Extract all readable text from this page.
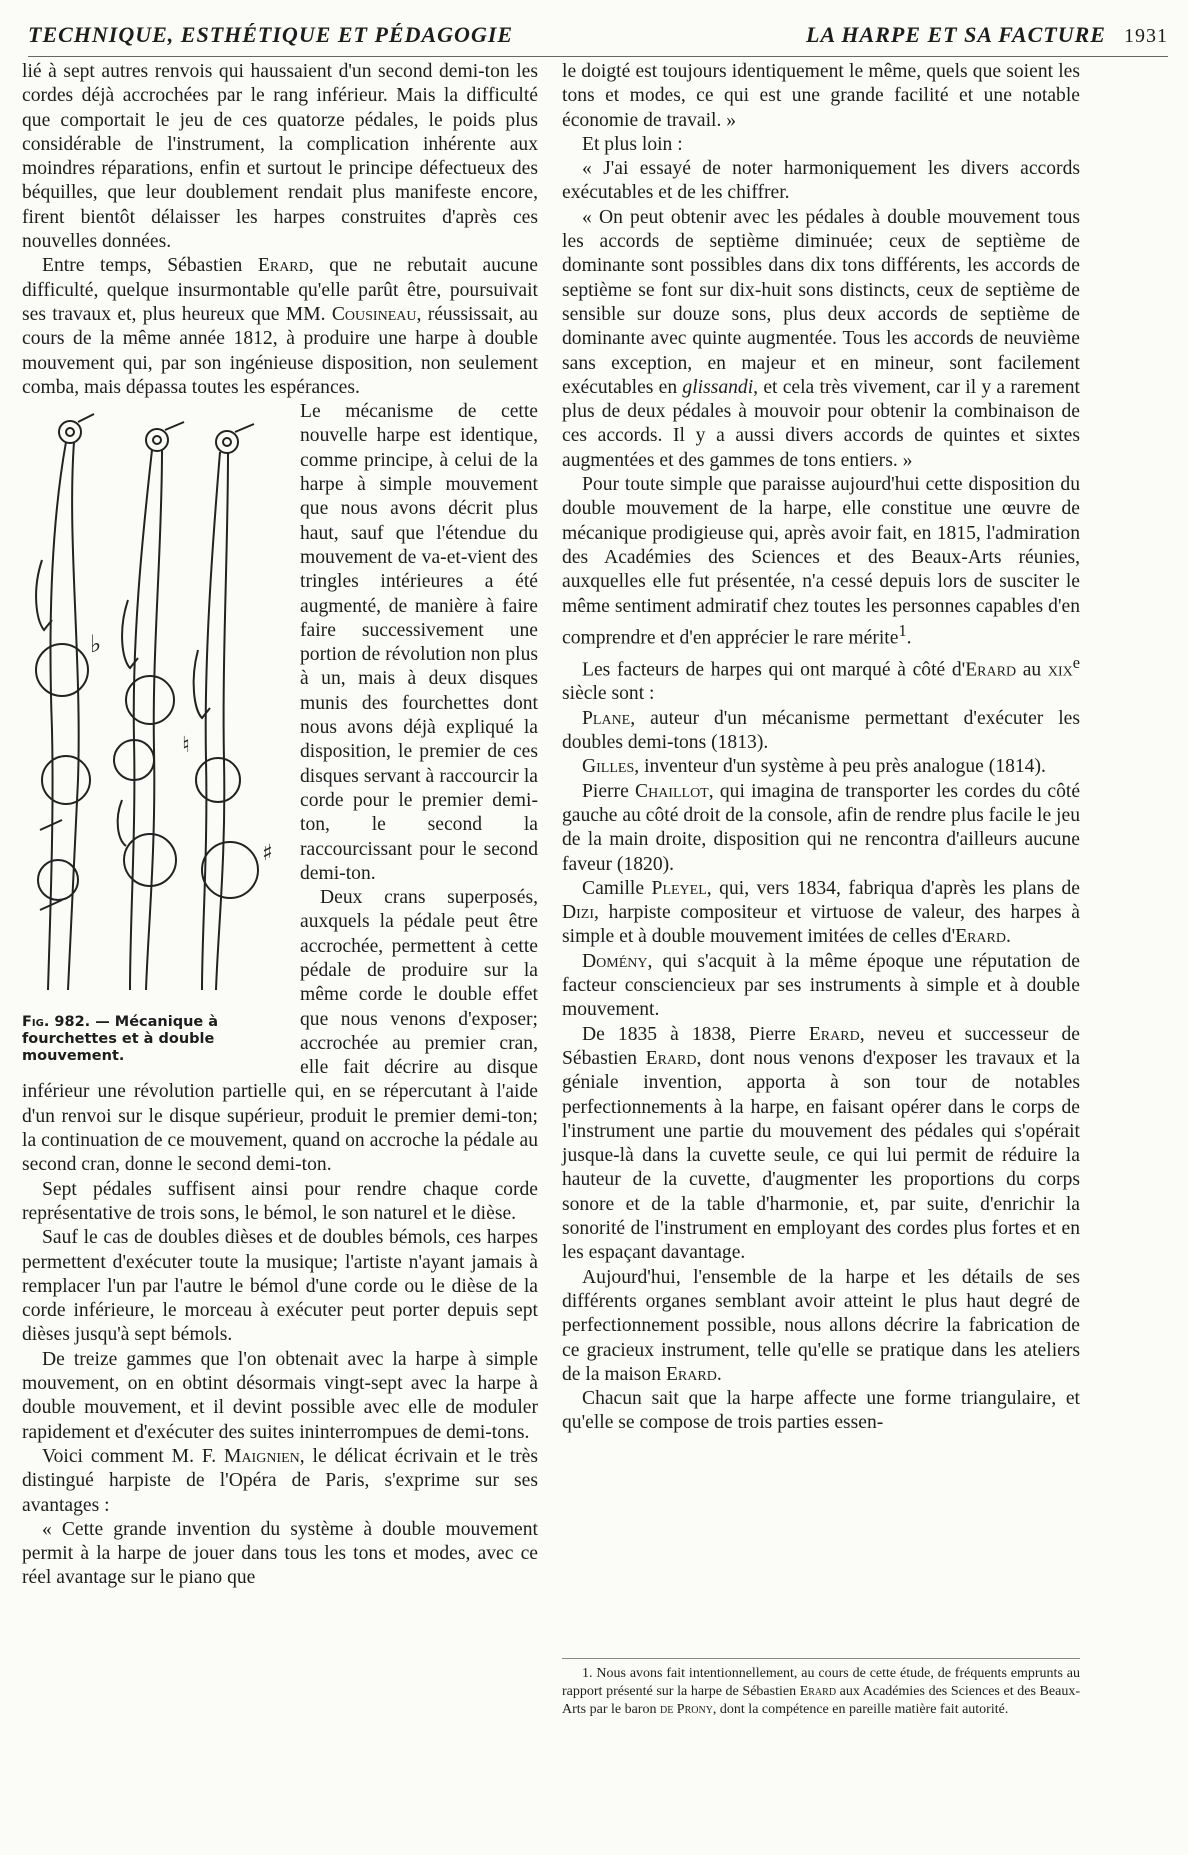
TECHNIQUE, ESTHÉTIQUE ET PÉDAGOGIE	LA HARPE ET SA FACTURE 1931

lié à sept autres renvois qui haussaient d'un second demi-ton les cordes déjà accrochées par le rang inférieur. Mais la difficulté que comportait le jeu de ces quatorze pédales, le poids plus considérable de l'instrument, la complication inhérente aux moindres réparations, enfin et surtout le principe défectueux des béquilles, que leur doublement rendait plus manifeste encore, firent bientôt délaisser les harpes construites d'après ces nouvelles données.

Entre temps, Sébastien Erard, que ne rebutait aucune difficulté, quelque insurmontable qu'elle parût être, poursuivait ses travaux et, plus heureux que MM. Cousineau, réussissait, au cours de la même année 1812, à produire une harpe à double mouvement qui, par son ingénieuse disposition, non seulement comba, mais dépassa toutes les espérances.

♭
♮
♯
Fig. 982. — Mécanique à fourchettes et à double mouvement.

Le mécanisme de cette nouvelle harpe est identique, comme principe, à celui de la harpe à simple mouvement que nous avons décrit plus haut, sauf que l'étendue du mouvement de va-et-vient des tringles intérieures a été augmenté, de manière à faire faire successivement une portion de révolution non plus à un, mais à deux disques munis des fourchettes dont nous avons déjà expliqué la disposition, le premier de ces disques servant à raccourcir la corde pour le premier demi-ton, le second la raccourcissant pour le second demi-ton.

Deux crans superposés, auxquels la pédale peut être accrochée, permettent à cette pédale de produire sur la même corde le double effet que nous venons d'exposer; accrochée au premier cran, elle fait décrire au disque inférieur une révolution partielle qui, en se répercutant à l'aide d'un renvoi sur le disque supérieur, produit le premier demi-ton; la continuation de ce mouvement, quand on accroche la pédale au second cran, donne le second demi-ton.

Sept pédales suffisent ainsi pour rendre chaque corde représentative de trois sons, le bémol, le son naturel et le dièse.

Sauf le cas de doubles dièses et de doubles bémols, ces harpes permettent d'exécuter toute la musique; l'artiste n'ayant jamais à remplacer l'un par l'autre le bémol d'une corde ou le dièse de la corde inférieure, le morceau à exécuter peut porter depuis sept dièses jusqu'à sept bémols.

De treize gammes que l'on obtenait avec la harpe à simple mouvement, on en obtint désormais vingt-sept avec la harpe à double mouvement, et il devint possible avec elle de moduler rapidement et d'exécuter des suites ininterrompues de demi-tons.

Voici comment M. F. Maignien, le délicat écrivain et le très distingué harpiste de l'Opéra de Paris, s'exprime sur ses avantages :

« Cette grande invention du système à double mouvement permit à la harpe de jouer dans tous les tons et modes, avec ce réel avantage sur le piano que

le doigté est toujours identiquement le même, quels que soient les tons et modes, ce qui est une grande facilité et une notable économie de travail. »

Et plus loin :

« J'ai essayé de noter harmoniquement les divers accords exécutables et de les chiffrer.

« On peut obtenir avec les pédales à double mouvement tous les accords de septième diminuée; ceux de septième de dominante sont possibles dans dix tons différents, les accords de septième se font sur dix-huit sons distincts, ceux de septième de sensible sur douze sons, plus deux accords de septième de dominante avec quinte augmentée. Tous les accords de neuvième sans exception, en majeur et en mineur, sont facilement exécutables en glissandi, et cela très vivement, car il y a rarement plus de deux pédales à mouvoir pour obtenir la combinaison de ces accords. Il y a aussi divers accords de quintes et sixtes augmentées et des gammes de tons entiers. »

Pour toute simple que paraisse aujourd'hui cette disposition du double mouvement de la harpe, elle constitue une œuvre de mécanique prodigieuse qui, après avoir fait, en 1815, l'admiration des Académies des Sciences et des Beaux-Arts réunies, auxquelles elle fut présentée, n'a cessé depuis lors de susciter le même sentiment admiratif chez toutes les personnes capables d'en comprendre et d'en apprécier le rare mérite$^1$.

Les facteurs de harpes qui ont marqué à côté d'Erard au xix$^e$ siècle sont :

Plane, auteur d'un mécanisme permettant d'exécuter les doubles demi-tons (1813).

Gilles, inventeur d'un système à peu près analogue (1814).

Pierre Chaillot, qui imagina de transporter les cordes du côté gauche au côté droit de la console, afin de rendre plus facile le jeu de la main droite, disposition qui ne rencontra d'ailleurs aucune faveur (1820).

Camille Pleyel, qui, vers 1834, fabriqua d'après les plans de Dizi, harpiste compositeur et virtuose de valeur, des harpes à simple et à double mouvement imitées de celles d'Erard.

Domény, qui s'acquit à la même époque une réputation de facteur consciencieux par ses instruments à simple et à double mouvement.

De 1835 à 1838, Pierre Erard, neveu et successeur de Sébastien Erard, dont nous venons d'exposer les travaux et la géniale invention, apporta à son tour de notables perfectionnements à la harpe, en faisant opérer dans le corps de l'instrument une partie du mouvement des pédales qui s'opérait jusque-là dans la cuvette seule, ce qui lui permit de réduire la hauteur de la cuvette, d'augmenter les proportions du corps sonore et de la table d'harmonie, et, par suite, d'enrichir la sonorité de l'instrument en employant des cordes plus fortes et en les espaçant davantage.

Aujourd'hui, l'ensemble de la harpe et les détails de ses différents organes semblant avoir atteint le plus haut degré de perfectionnement possible, nous allons décrire la fabrication de ce gracieux instrument, telle qu'elle se pratique dans les ateliers de la maison Erard.

Chacun sait que la harpe affecte une forme triangulaire, et qu'elle se compose de trois parties essen-

1. Nous avons fait intentionnellement, au cours de cette étude, de fréquents emprunts au rapport présenté sur la harpe de Sébastien Erard aux Académies des Sciences et des Beaux-Arts par le baron de Prony, dont la compétence en pareille matière fait autorité.
